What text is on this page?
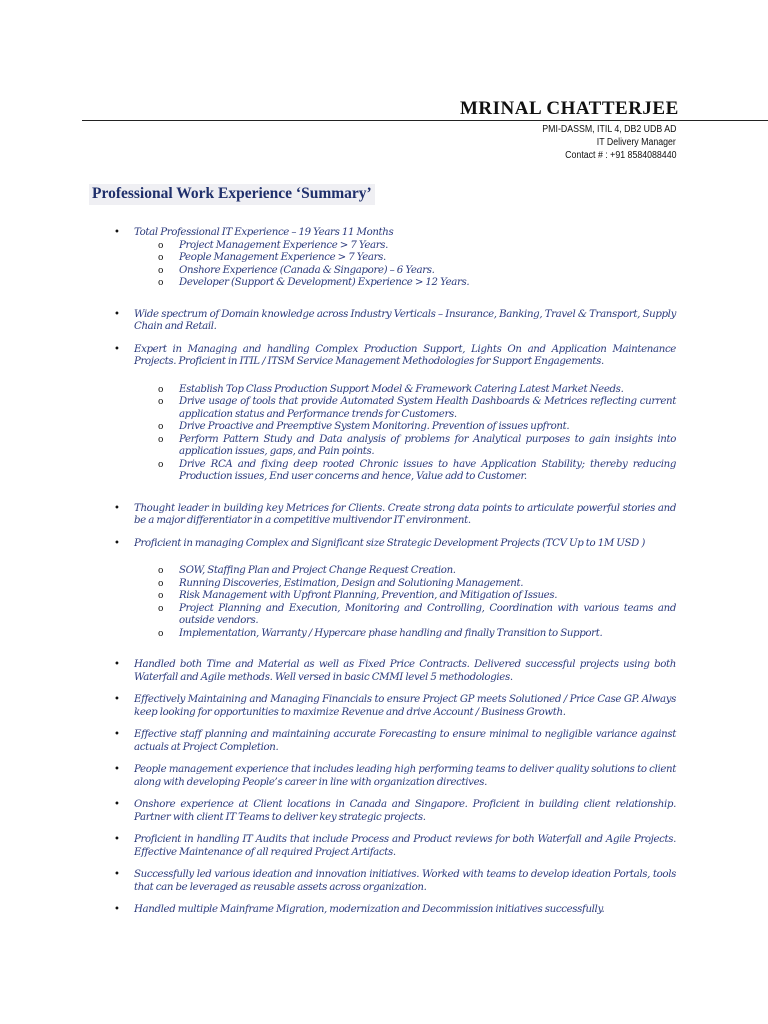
MRINAL CHATTERJEE
PMI-DASSM, ITIL 4, DB2 UDB AD
IT Delivery Manager
Contact # : +91 8584088440
Professional Work Experience ‘Summary’
• Total Professional IT Experience – 19 Years 11 Months
o Project Management Experience > 7 Years.
o People Management Experience > 7 Years.
o Onshore Experience (Canada & Singapore) – 6 Years.
o Developer (Support & Development) Experience > 12 Years.
• Wide spectrum of Domain knowledge across Industry Verticals – Insurance, Banking, Travel & Transport, Supply Chain and Retail.
• Expert in Managing and handling Complex Production Support, Lights On and Application Maintenance Projects. Proficient in ITIL / ITSM Service Management Methodologies for Support Engagements.
o Establish Top Class Production Support Model & Framework Catering Latest Market Needs.
o Drive usage of tools that provide Automated System Health Dashboards & Metrices reflecting current application status and Performance trends for Customers.
o Drive Proactive and Preemptive System Monitoring. Prevention of issues upfront.
o Perform Pattern Study and Data analysis of problems for Analytical purposes to gain insights into application issues, gaps, and Pain points.
o Drive RCA and fixing deep rooted Chronic issues to have Application Stability; thereby reducing Production issues, End user concerns and hence, Value add to Customer.
• Thought leader in building key Metrices for Clients. Create strong data points to articulate powerful stories and be a major differentiator in a competitive multivendor IT environment.
• Proficient in managing Complex and Significant size Strategic Development Projects (TCV Up to 1M USD )
o SOW, Staffing Plan and Project Change Request Creation.
o Running Discoveries, Estimation, Design and Solutioning Management.
o Risk Management with Upfront Planning, Prevention, and Mitigation of Issues.
o Project Planning and Execution, Monitoring and Controlling, Coordination with various teams and outside vendors.
o Implementation, Warranty / Hypercare phase handling and finally Transition to Support.
• Handled both Time and Material as well as Fixed Price Contracts. Delivered successful projects using both Waterfall and Agile methods. Well versed in basic CMMI level 5 methodologies.
• Effectively Maintaining and Managing Financials to ensure Project GP meets Solutioned / Price Case GP. Always keep looking for opportunities to maximize Revenue and drive Account / Business Growth.
• Effective staff planning and maintaining accurate Forecasting to ensure minimal to negligible variance against actuals at Project Completion.
• People management experience that includes leading high performing teams to deliver quality solutions to client along with developing People’s career in line with organization directives.
• Onshore experience at Client locations in Canada and Singapore. Proficient in building client relationship. Partner with client IT Teams to deliver key strategic projects.
• Proficient in handling IT Audits that include Process and Product reviews for both Waterfall and Agile Projects. Effective Maintenance of all required Project Artifacts.
• Successfully led various ideation and innovation initiatives. Worked with teams to develop ideation Portals, tools that can be leveraged as reusable assets across organization.
• Handled multiple Mainframe Migration, modernization and Decommission initiatives successfully.
